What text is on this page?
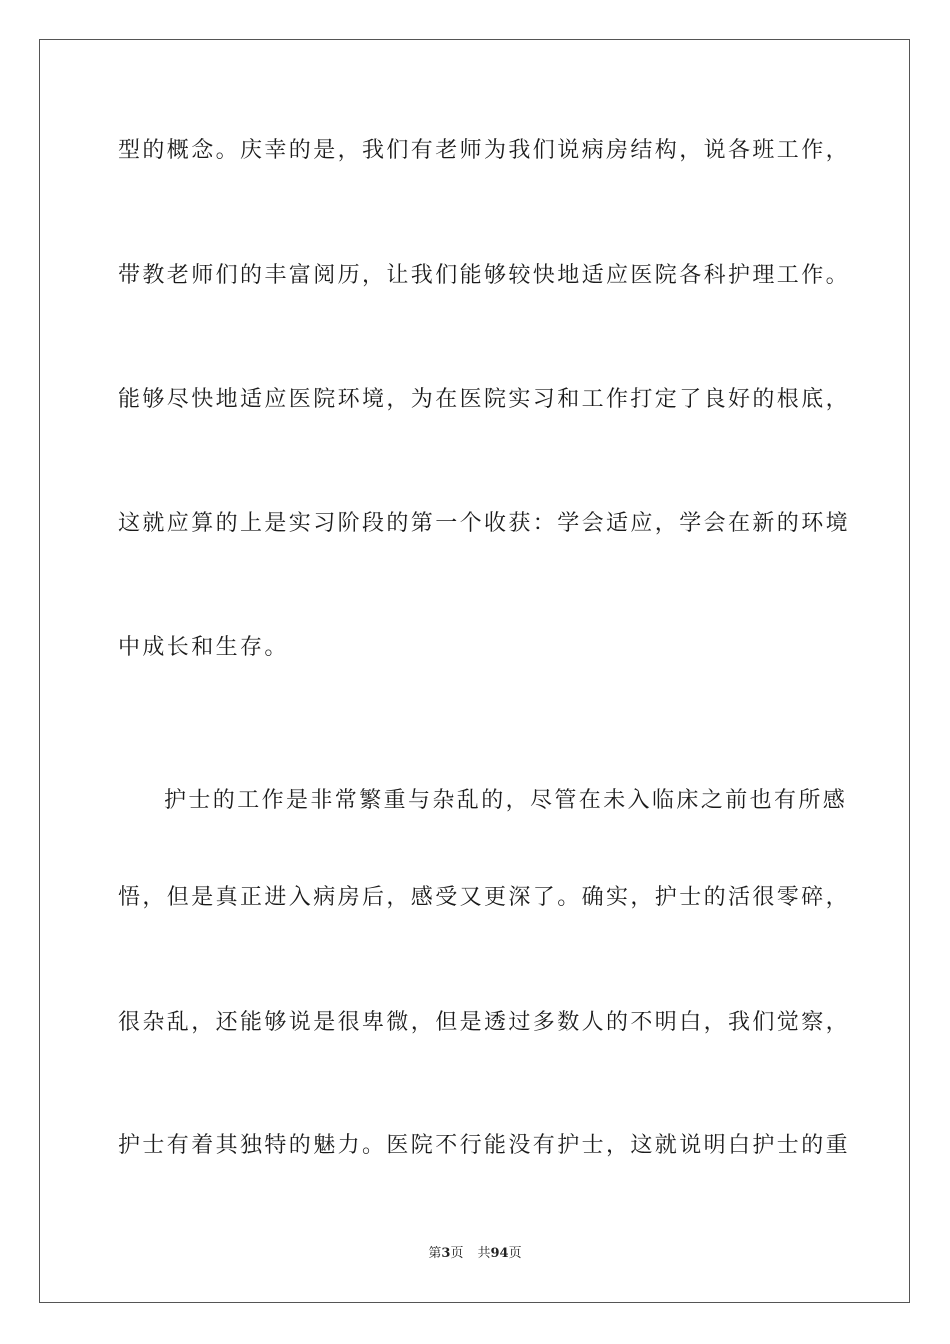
型的概念。庆幸的是，我们有老师为我们说病房结构，说各班工作，
带教老师们的丰富阅历，让我们能够较快地适应医院各科护理工作。
能够尽快地适应医院环境，为在医院实习和工作打定了良好的根底，
这就应算的上是实习阶段的第一个收获：学会适应，学会在新的环境
中成长和生存。
护士的工作是非常繁重与杂乱的，尽管在未入临床之前也有所感
悟，但是真正进入病房后，感受又更深了。确实，护士的活很零碎，
很杂乱，还能够说是很卑微，但是透过多数人的不明白，我们觉察，
护士有着其独特的魅力。医院不行能没有护士，这就说明白护士的重
第3页 共94页
